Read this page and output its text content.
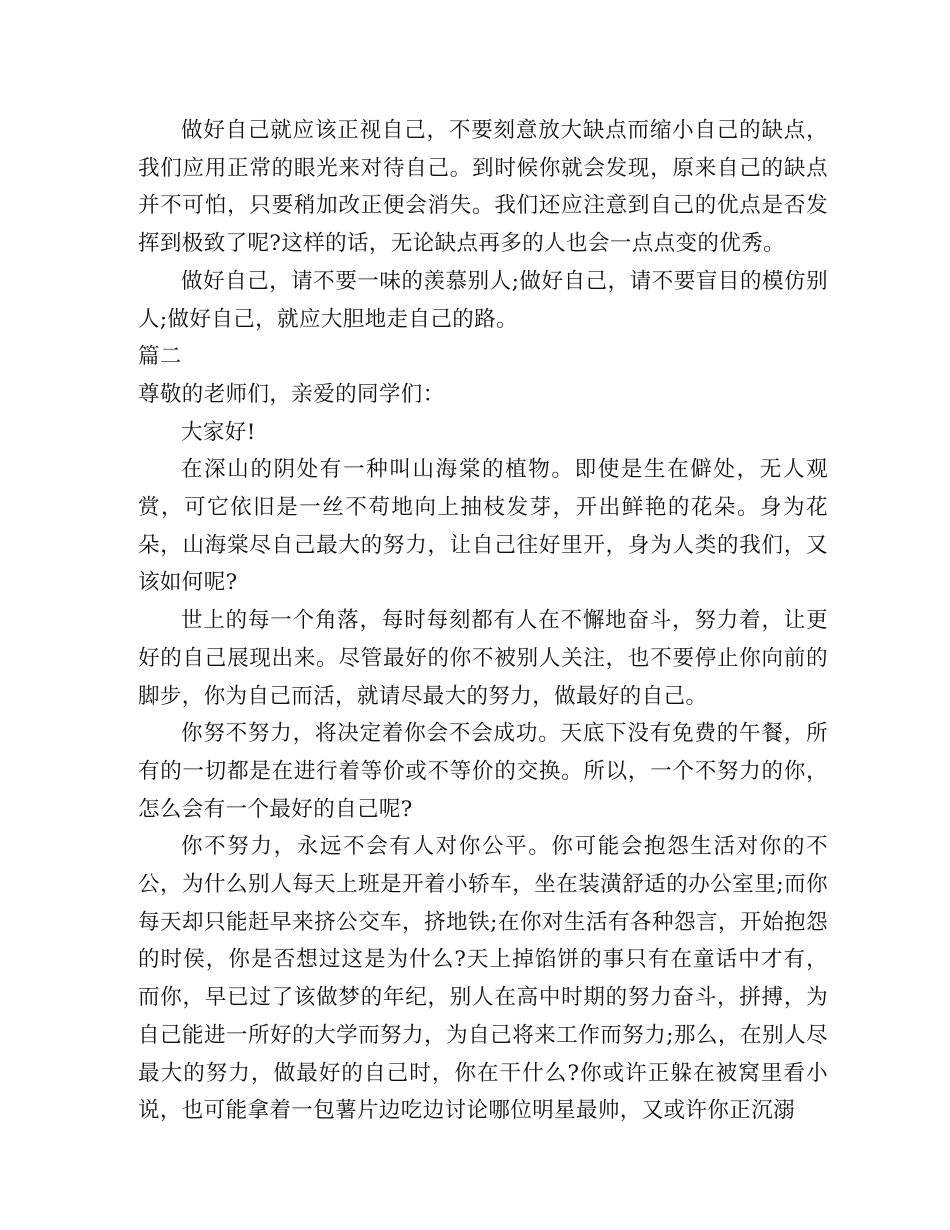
做好自己就应该正视自己，不要刻意放大缺点而缩小自己的缺点，我们应用正常的眼光来对待自己。到时候你就会发现，原来自己的缺点并不可怕，只要稍加改正便会消失。我们还应注意到自己的优点是否发挥到极致了呢?这样的话，无论缺点再多的人也会一点点变的优秀。

做好自己，请不要一味的羡慕别人;做好自己，请不要盲目的模仿别人;做好自己，就应大胆地走自己的路。

篇二

尊敬的老师们，亲爱的同学们：

大家好!

在深山的阴处有一种叫山海棠的植物。即使是生在僻处，无人观赏，可它依旧是一丝不苟地向上抽枝发芽，开出鲜艳的花朵。身为花朵，山海棠尽自己最大的努力，让自己往好里开，身为人类的我们，又该如何呢?

世上的每一个角落，每时每刻都有人在不懈地奋斗，努力着，让更好的自己展现出来。尽管最好的你不被别人关注，也不要停止你向前的脚步，你为自己而活，就请尽最大的努力，做最好的自己。

你努不努力，将决定着你会不会成功。天底下没有免费的午餐，所有的一切都是在进行着等价或不等价的交换。所以，一个不努力的你，怎么会有一个最好的自己呢?

你不努力，永远不会有人对你公平。你可能会抱怨生活对你的不公，为什么别人每天上班是开着小轿车，坐在装潢舒适的办公室里;而你每天却只能赶早来挤公交车，挤地铁;在你对生活有各种怨言，开始抱怨的时侯，你是否想过这是为什么?天上掉馅饼的事只有在童话中才有，而你，早已过了该做梦的年纪，别人在高中时期的努力奋斗，拼搏，为自己能进一所好的大学而努力，为自己将来工作而努力;那么，在别人尽最大的努力，做最好的自己时，你在干什么?你或许正躲在被窝里看小说，也可能拿着一包薯片边吃边讨论哪位明星最帅，又或许你正沉溺
